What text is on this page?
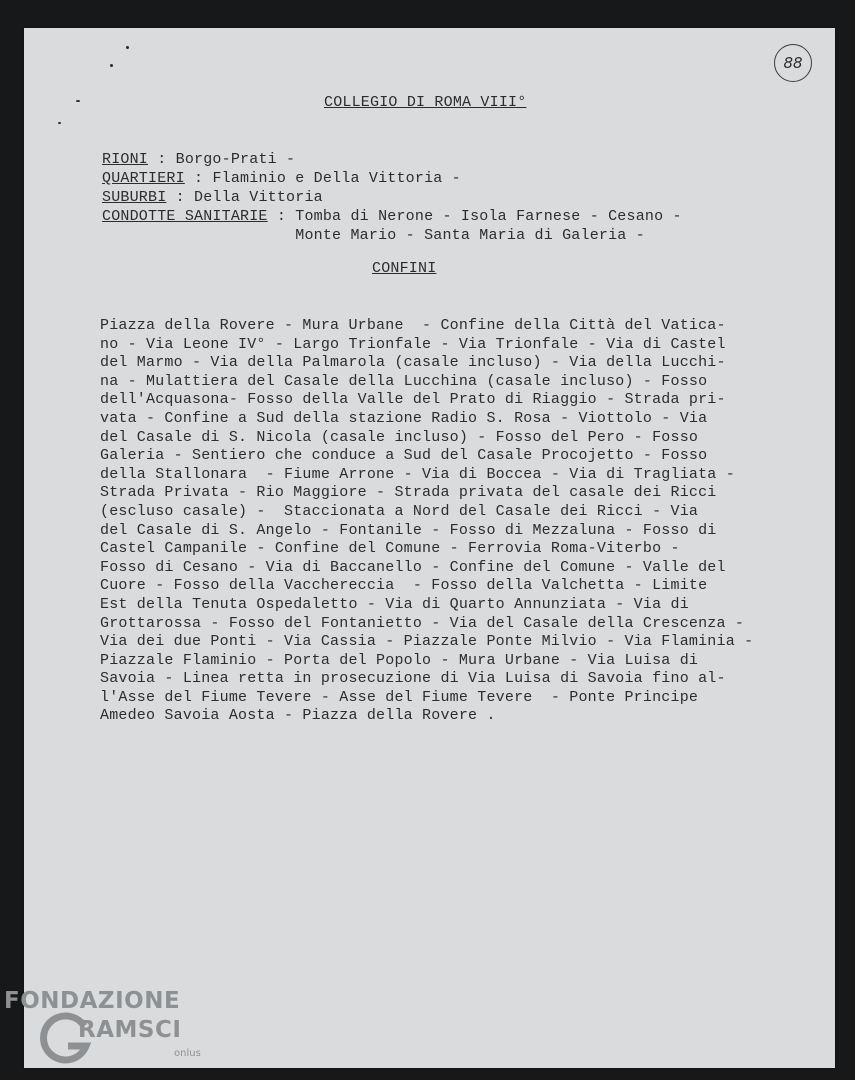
88
COLLEGIO DI ROMA VIII°
RIONI : Borgo-Prati -
QUARTIERI : Flaminio e Della Vittoria -
SUBURBI : Della Vittoria
CONDOTTE SANITARIE : Tomba di Nerone - Isola Farnese - Cesano -
Monte Mario - Santa Maria di Galeria -
CONFINI
Piazza della Rovere - Mura Urbane  - Confine della Città del Vatica-
no - Via Leone IV° - Largo Trionfale - Via Trionfale - Via di Castel
del Marmo - Via della Palmarola (casale incluso) - Via della Lucchi-
na - Mulattiera del Casale della Lucchina (casale incluso) - Fosso
dell'Acquasona- Fosso della Valle del Prato di Riaggio - Strada pri-
vata - Confine a Sud della stazione Radio S. Rosa - Viottolo - Via
del Casale di S. Nicola (casale incluso) - Fosso del Pero - Fosso
Galeria - Sentiero che conduce a Sud del Casale Procojetto - Fosso
della Stallonara  - Fiume Arrone - Via di Boccea - Via di Tragliata -
Strada Privata - Rio Maggiore - Strada privata del casale dei Ricci
(escluso casale) -  Staccionata a Nord del Casale dei Ricci - Via
del Casale di S. Angelo - Fontanile - Fosso di Mezzaluna - Fosso di
Castel Campanile - Confine del Comune - Ferrovia Roma-Viterbo -
Fosso di Cesano - Via di Baccanello - Confine del Comune - Valle del
Cuore - Fosso della Vacchereccia  - Fosso della Valchetta - Limite
Est della Tenuta Ospedaletto - Via di Quarto Annunziata - Via di
Grottarossa - Fosso del Fontanietto - Via del Casale della Crescenza -
Via dei due Ponti - Via Cassia - Piazzale Ponte Milvio - Via Flaminia -
Piazzale Flaminio - Porta del Popolo - Mura Urbane - Via Luisa di
Savoia - Linea retta in prosecuzione di Via Luisa di Savoia fino al-
l'Asse del Fiume Tevere - Asse del Fiume Tevere  - Ponte Principe
Amedeo Savoia Aosta - Piazza della Rovere .
FONDAZIONE
RAMSCI
onlus
